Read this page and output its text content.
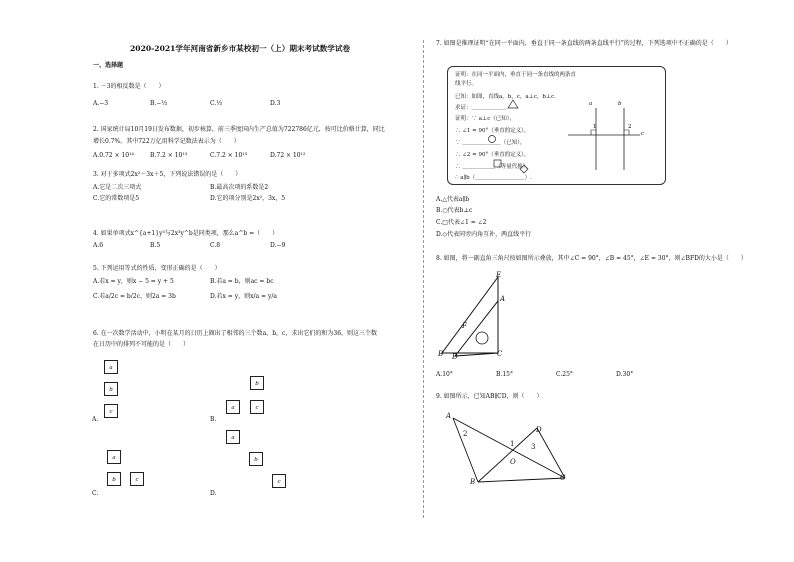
2020-2021学年河南省新乡市某校初一（上）期末考试数学试卷
一、选择题
1. －3的相反数是（　　）
A.−3	B.−⅓	C.⅓	D.3
2. 国家统计局10月19日发布数据，初步核算，前三季度国内生产总值为722786亿元，按可比价格计算，同比
增长0.7%。其中722万亿用科学记数法表示为（　　）
A.0.72 × 10¹⁴	B.7.2 × 10¹³	C.7.2 × 10¹³	D.72 × 10¹²
3. 对于多项式2x²－3x＋5，下列说法错误的是（　　）
A.它是二次三项式	B.最高次项的系数是2
C.它的常数项是5	D.它的项分别是2x²，3x，5
4. 如果单项式x^{a+1}y³与2x³y^b是同类项，那么a^b =（　　）
A.6	B.5	C.8	D.−9
5. 下列运用等式的性质，变形正确的是（　　）
A.若x = y，则x − 5 = y + 5	B.若a = b，则ac = bc
C.若a/2c = b/2c，则2a = 3b	D.若x = y，则x/a = y/a
6. 在一次数学活动中，小明在某月的日历上圈出了相邻的三个数a，b，c，求出它们的和为36，则这三个数
在日历中的排列不可能的是（　　）
a
b
c
A.
b
a	c
B.
a
b	c
C.
a
b
c
D.
7. 如图是推理证明“在同一平面内，垂直于同一条直线的两条直线平行”的过程，下列选项中不正确的是（　　）
证明：在同一平面内，垂直于同一条直线的两条直
线平行。
已知：如图，直线a，b，c，a⊥c，b⊥c.
求证：＿＿＿＿＿＿。
证明：∵ a⊥c（已知），
∴ ∠1 = 90°（垂直的定义），
∵ ＿＿＿＿＿＿＿（已知），
∴ ∠2 = 90°（垂直的定义），
∴ ＿＿＿＿＿＿（等量代换），
∴ a∥b（＿＿＿＿＿＿＿＿＿）.
a	b
c
1	2
A.△代表a∥b
B.○代表b⊥c
C.□代表∠1 = ∠2
D.◇代表同旁内角互补，两直线平行
8. 如图，将一副直角三角尺按如图所示叠放，其中∠C = 90°，∠B = 45°，∠E = 30°，则∠BFD的大小是（　　）
E
A
F
B D	C
A.10°	B.15°	C.25°	D.30°
9. 如图所示，已知AB∥CD，则（　　）
A
B	C
D
O
2
1 3
